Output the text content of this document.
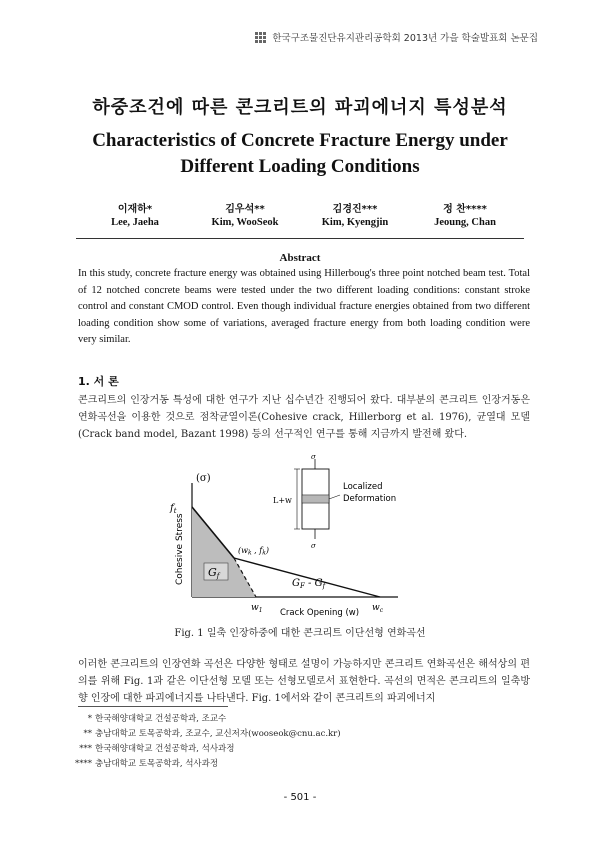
한국구조물진단유지관리공학회 2013년 가을 학술발표회 논문집
하중조건에 따른 콘크리트의 파괴에너지 특성분석
Characteristics of Concrete Fracture Energy under Different Loading Conditions
이재하*
Lee, Jaeha
김우석**
Kim, WooSeok
김경진***
Kim, Kyengjin
정 찬****
Jeoung, Chan
Abstract
In this study, concrete fracture energy was obtained using Hillerboug's three point notched beam test. Total of 12 notched concrete beams were tested under the two different loading conditions: constant stroke control and constant CMOD control. Even though individual fracture energies obtained from two different loading condition show some of variations, averaged fracture energy from both loading condition were very similar.
1. 서 론
콘크리트의 인장거동 특성에 대한 연구가 지난 십수년간 진행되어 왔다. 대부분의 콘크리트 인장거동은 연화곡선을 이용한 것으로 점착균열이론(Cohesive crack, Hillerborg et al. 1976), 균열대 모델(Crack band model, Bazant 1998) 등의 선구적인 연구를 통해 지금까지 발전해 왔다.
(σ)
Cohesive Stress
$f_t$
(wk , fk)
Gf
$G_F - G_f$
$w_1$	$w_c$
Crack Opening (w)
L+w
σ
σ
Localized
Deformation
Fig. 1 일축 인장하중에 대한 콘크리트 이단선형 연화곡선
이러한 콘크리트의 인장연화 곡선은 다양한 형태로 설명이 가능하지만 콘크리트 연화곡선은 해석상의 편의를 위해 Fig. 1과 같은 이단선형 모델 또는 선형모델로서 표현한다. 곡선의 면적은 콘크리트의 일축방향 인장에 대한 파괴에너지를 나타낸다. Fig. 1에서와 같이 콘크리트의 파괴에너지
* 한국해양대학교 건설공학과, 조교수
** 충남대학교 토목공학과, 조교수, 교신저자(wooseok@cnu.ac.kr)
*** 한국해양대학교 건설공학과, 석사과정
**** 충남대학교 토목공학과, 석사과정
- 501 -
